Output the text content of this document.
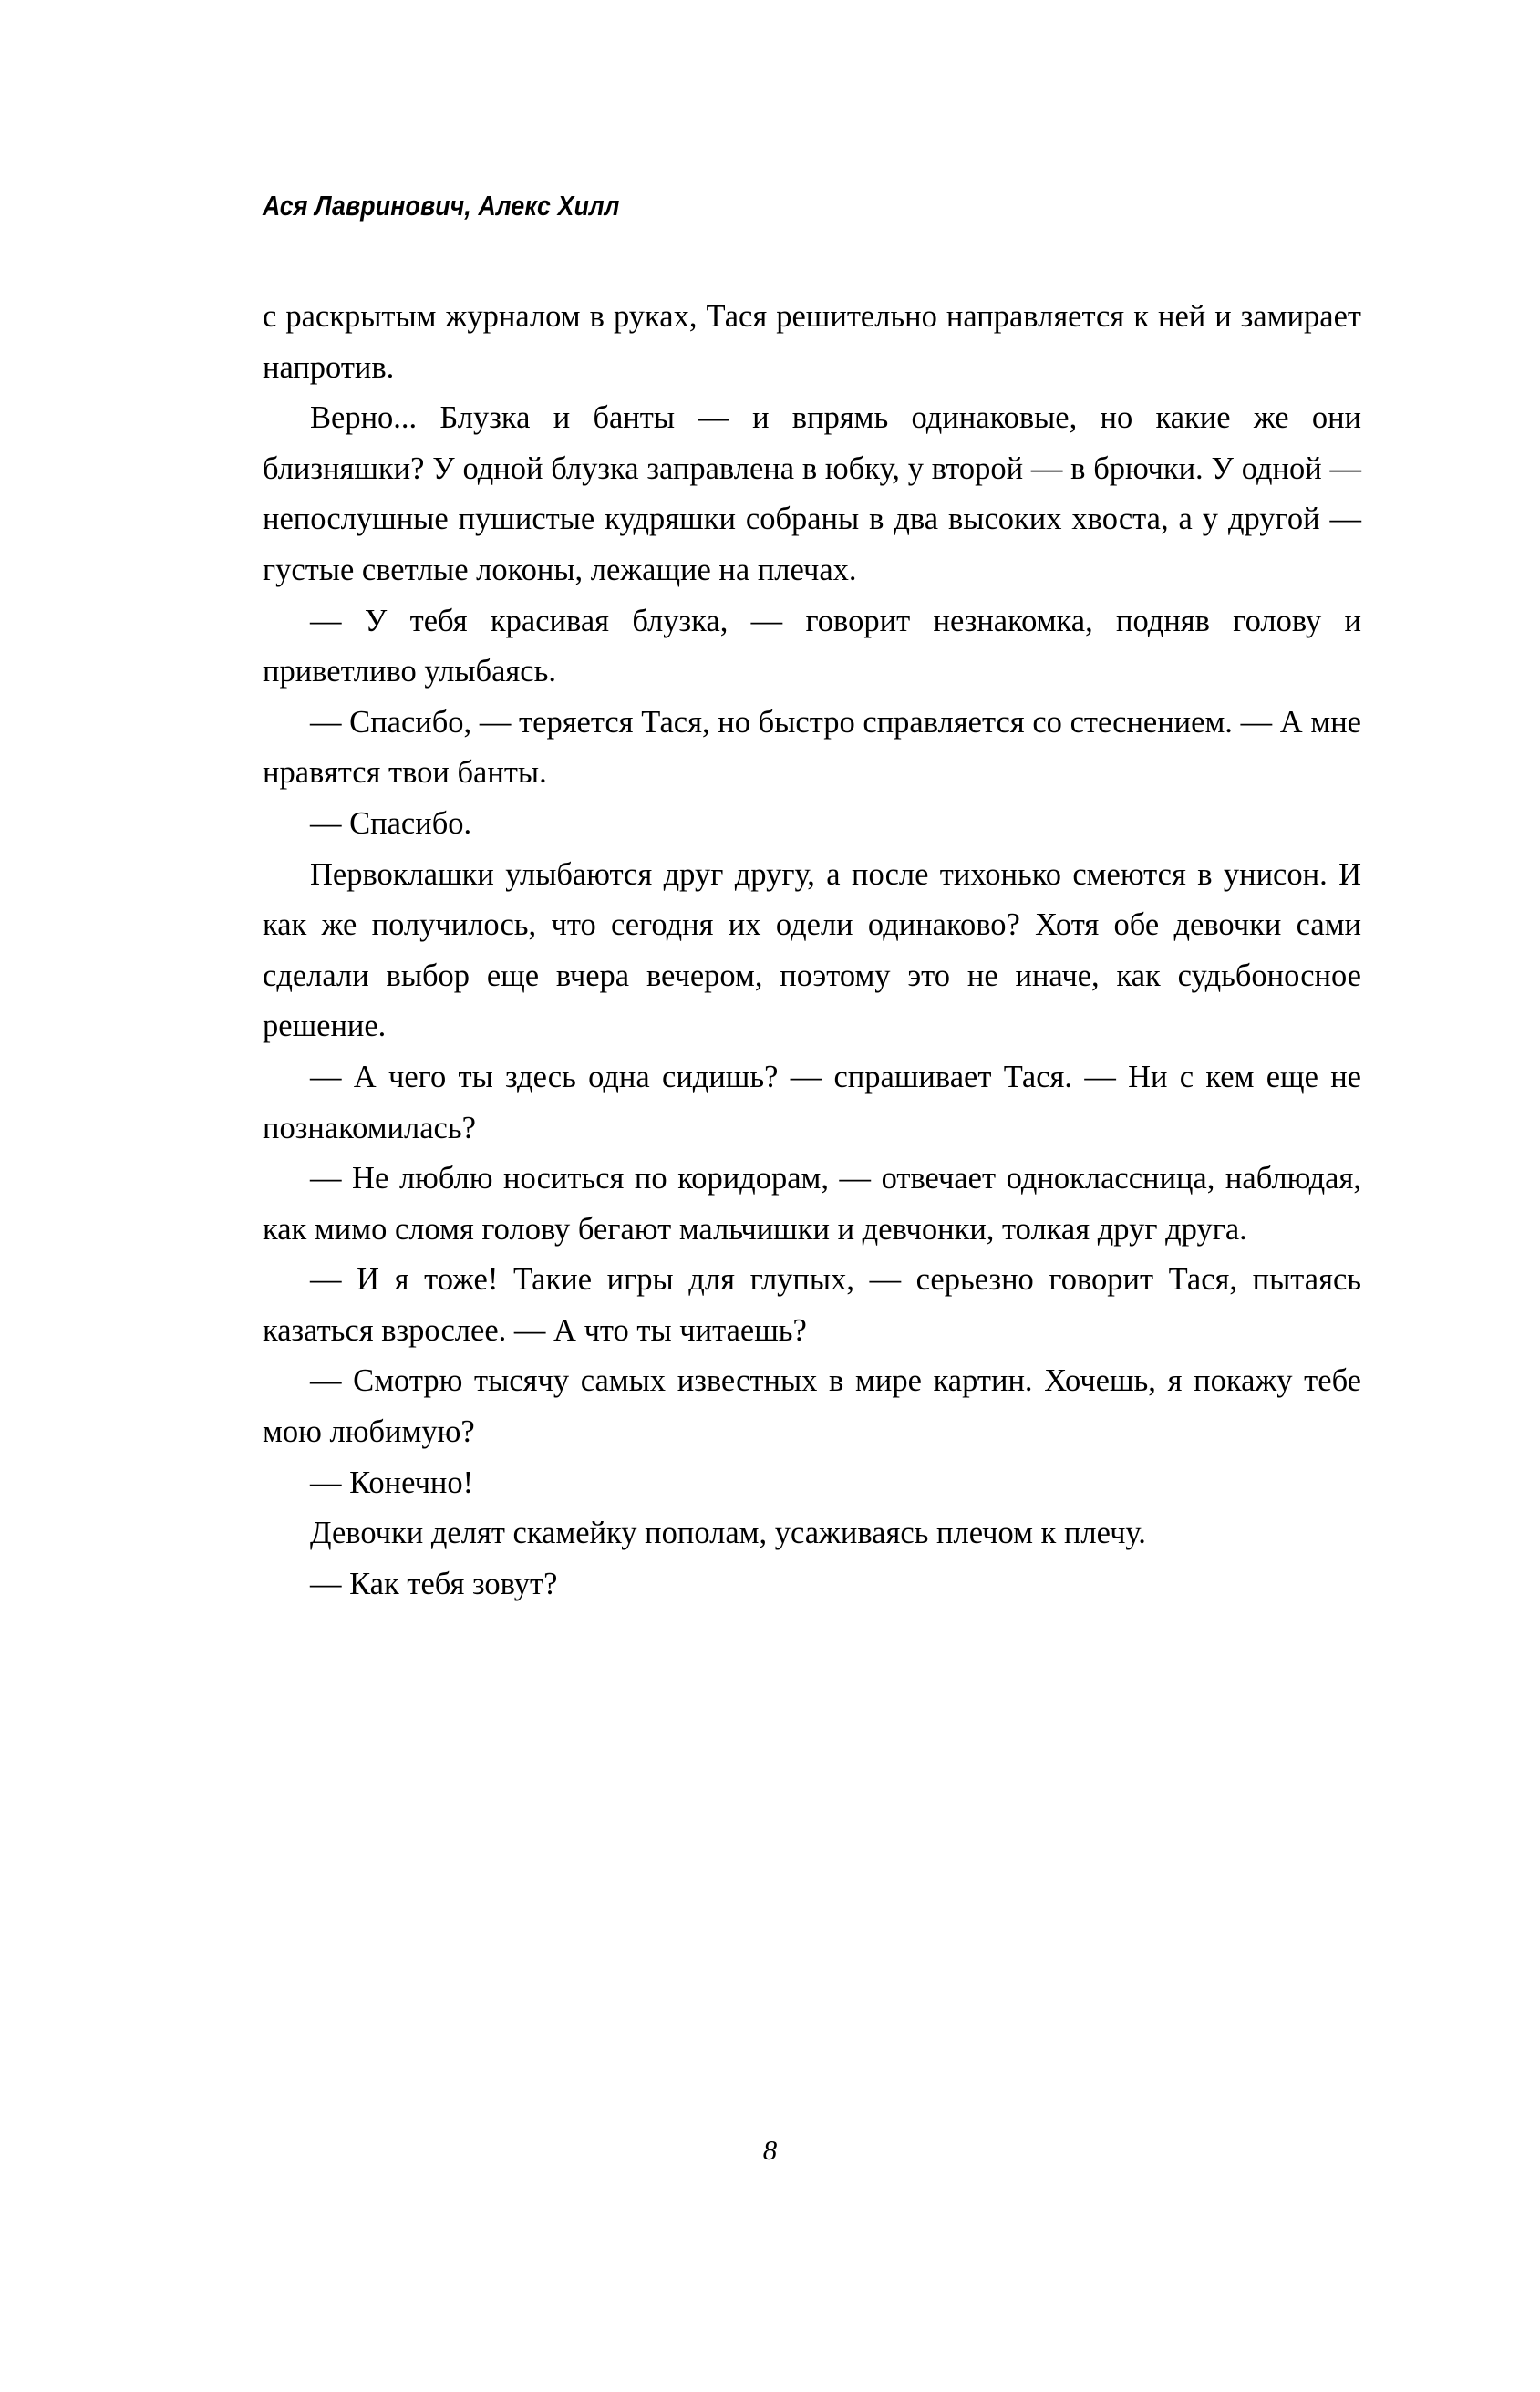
Ася Лавринович, Алекс Хилл

с раскрытым журналом в руках, Тася решительно направляется к ней и замирает напротив.

Верно... Блузка и банты — и впрямь одинаковые, но какие же они близняшки? У одной блузка заправлена в юбку, у второй — в брючки. У одной — непослушные пушистые кудряшки собраны в два высоких хвоста, а у другой — густые светлые локоны, лежащие на плечах.

— У тебя красивая блузка, — говорит незнакомка, подняв голову и приветливо улыбаясь.

— Спасибо, — теряется Тася, но быстро справляется со стеснением. — А мне нравятся твои банты.

— Спасибо.

Первоклашки улыбаются друг другу, а после тихонько смеются в унисон. И как же получилось, что сегодня их одели одинаково? Хотя обе девочки сами сделали выбор еще вчера вечером, поэтому это не иначе, как судьбоносное решение.

— А чего ты здесь одна сидишь? — спрашивает Тася. — Ни с кем еще не познакомилась?

— Не люблю носиться по коридорам, — отвечает одноклассница, наблюдая, как мимо сломя голову бегают мальчишки и девчонки, толкая друг друга.

— И я тоже! Такие игры для глупых, — серьезно говорит Тася, пытаясь казаться взрослее. — А что ты читаешь?

— Смотрю тысячу самых известных в мире картин. Хочешь, я покажу тебе мою любимую?

— Конечно!

Девочки делят скамейку пополам, усаживаясь плечом к плечу.

— Как тебя зовут?

8
